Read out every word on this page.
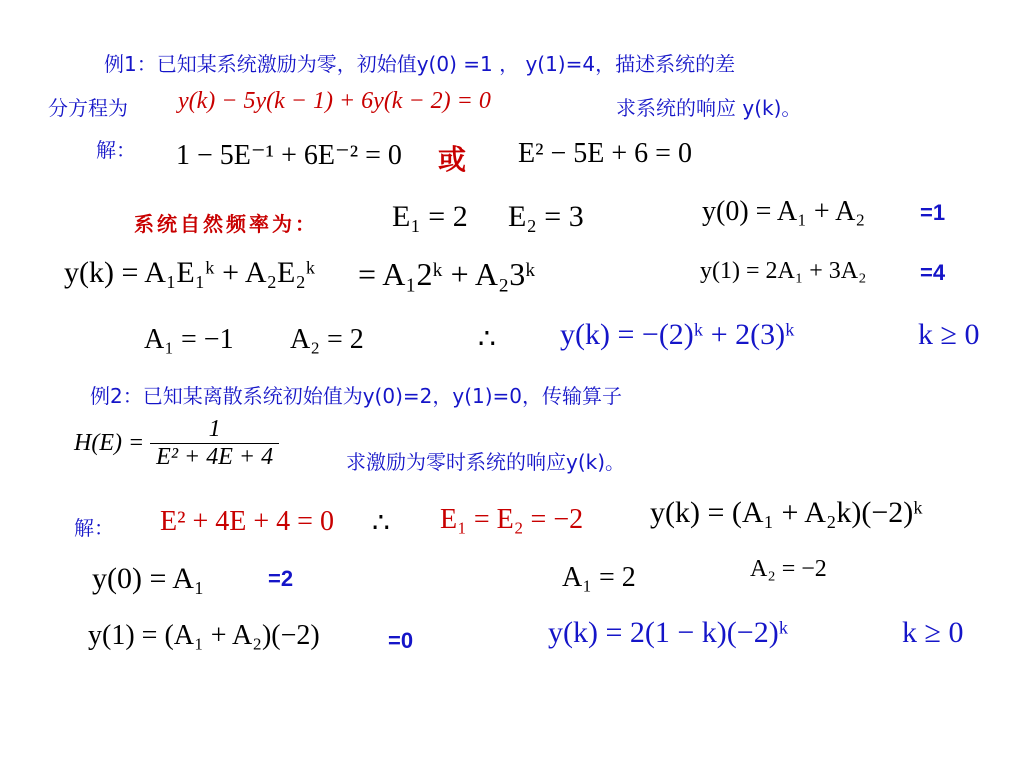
例1：已知某系统激励为零，初始值y(0) =1 ， y(1)=4，描述系统的差
分方程为 y(k) − 5y(k − 1) + 6y(k − 2) = 0	求系统的响应 y(k)。
解： 1 − 5E⁻¹ + 6E⁻² = 0 或 E² − 5E + 6 = 0
系统自然频率为： E₁ = 2 E₂ = 3	y(0) = A₁ + A₂ =1
y(k) = A₁E₁ᵏ + A₂E₂ᵏ = A₁2ᵏ + A₂3ᵏ	y(1) = 2A₁ + 3A₂ =4
A₁ = −1 A₂ = 2	∴ y(k) = −(2)ᵏ + 2(3)ᵏ	k ≥ 0
例2：已知某离散系统初始值为y(0)=2，y(1)=0，传输算子
$H(E) = \frac{1}{\text{E² + 4E + 4}}$	求激励为零时系统的响应y(k)。
解： E² + 4E + 4 = 0 ∴ E₁ = E₂ = −2 y(k) = (A₁ + A₂k)(−2)ᵏ
y(0) = A₁	=2	A₁ = 2	A₂ = −2
y(1) = (A₁ + A₂)(−2)	=0	y(k) = 2(1 − k)(−2)ᵏ	k ≥ 0
